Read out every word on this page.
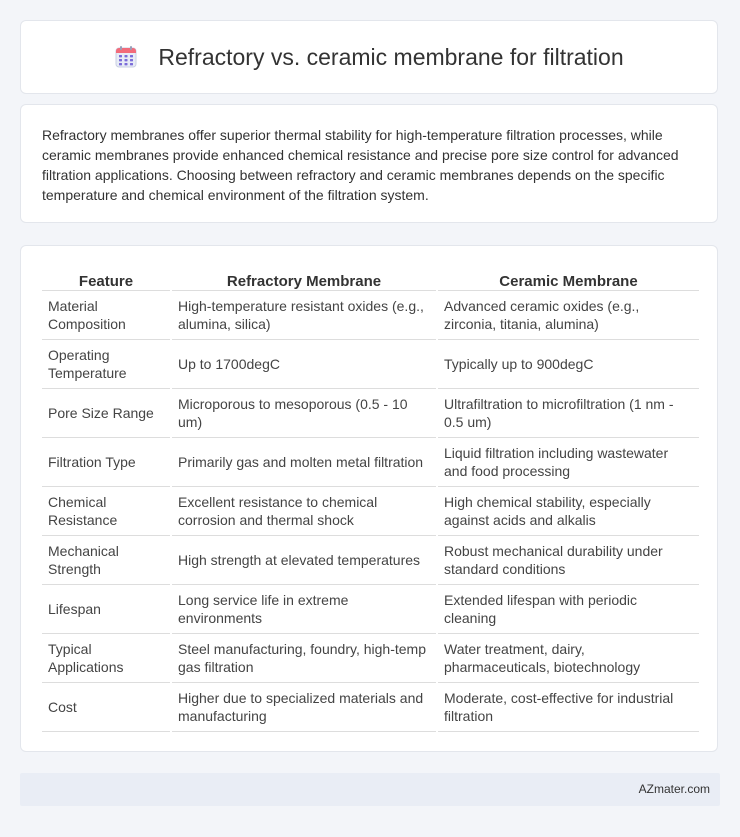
Refractory vs. ceramic membrane for filtration

Refractory membranes offer superior thermal stability for high-temperature filtration processes, while ceramic membranes provide enhanced chemical resistance and precise pore size control for advanced filtration applications. Choosing between refractory and ceramic membranes depends on the specific temperature and chemical environment of the filtration system.

Feature	Refractory Membrane	Ceramic Membrane
Material Composition	High-temperature resistant oxides (e.g., alumina, silica)	Advanced ceramic oxides (e.g., zirconia, titania, alumina)
Operating Temperature	Up to 1700degC	Typically up to 900degC
Pore Size Range	Microporous to mesoporous (0.5 - 10 um)	Ultrafiltration to microfiltration (1 nm - 0.5 um)
Filtration Type	Primarily gas and molten metal filtration	Liquid filtration including wastewater and food processing
Chemical Resistance	Excellent resistance to chemical corrosion and thermal shock	High chemical stability, especially against acids and alkalis
Mechanical Strength	High strength at elevated temperatures	Robust mechanical durability under standard conditions
Lifespan	Long service life in extreme environments	Extended lifespan with periodic cleaning
Typical Applications	Steel manufacturing, foundry, high-temp gas filtration	Water treatment, dairy, pharmaceuticals, biotechnology
Cost	Higher due to specialized materials and manufacturing	Moderate, cost-effective for industrial filtration
AZmater.com
